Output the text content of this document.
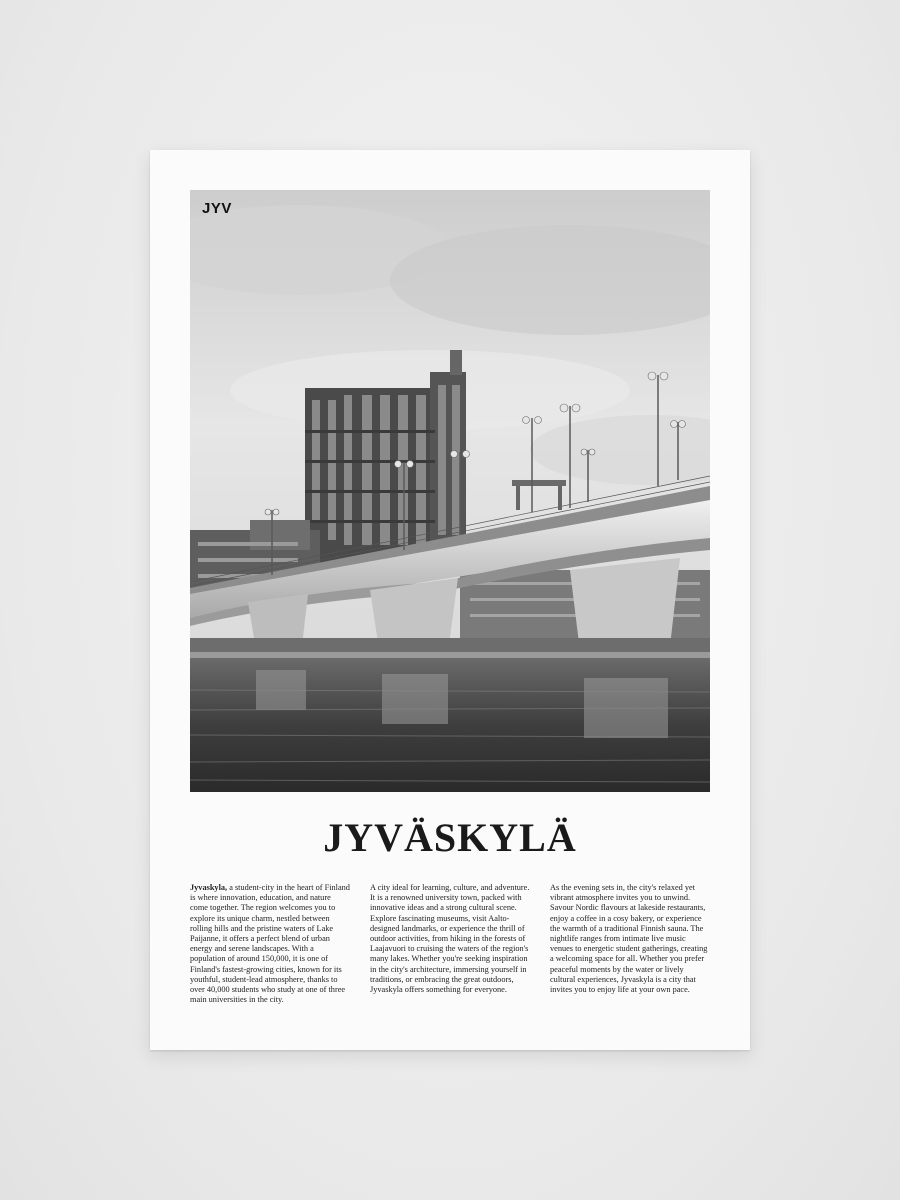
JYV
JYVÄSKYLÄ
Jyvaskyla, a student-city in the heart of Finland is where innovation, education, and nature come together. The region welcomes you to explore its unique charm, nestled between rolling hills and the pristine waters of Lake Paijanne, it offers a perfect blend of urban energy and serene landscapes. With a population of around 150,000, it is one of Finland's fastest-growing cities, known for its youthful, student-lead atmosphere, thanks to over 40,000 students who study at one of three main universities in the city.
A city ideal for learning, culture, and adventure. It is a renowned university town, packed with innovative ideas and a strong cultural scene. Explore fascinating museums, visit Aalto-designed landmarks, or experience the thrill of outdoor activities, from hiking in the forests of Laajavuori to cruising the waters of the region's many lakes. Whether you're seeking inspiration in the city's architecture, immersing yourself in traditions, or embracing the great outdoors, Jyvaskyla offers something for everyone.
As the evening sets in, the city's relaxed yet vibrant atmosphere invites you to unwind. Savour Nordic flavours at lakeside restaurants, enjoy a coffee in a cosy bakery, or experience the warmth of a traditional Finnish sauna. The nightlife ranges from intimate live music venues to energetic student gatherings, creating a welcoming space for all. Whether you prefer peaceful moments by the water or lively cultural experiences, Jyvaskyla is a city that invites you to enjoy life at your own pace.
